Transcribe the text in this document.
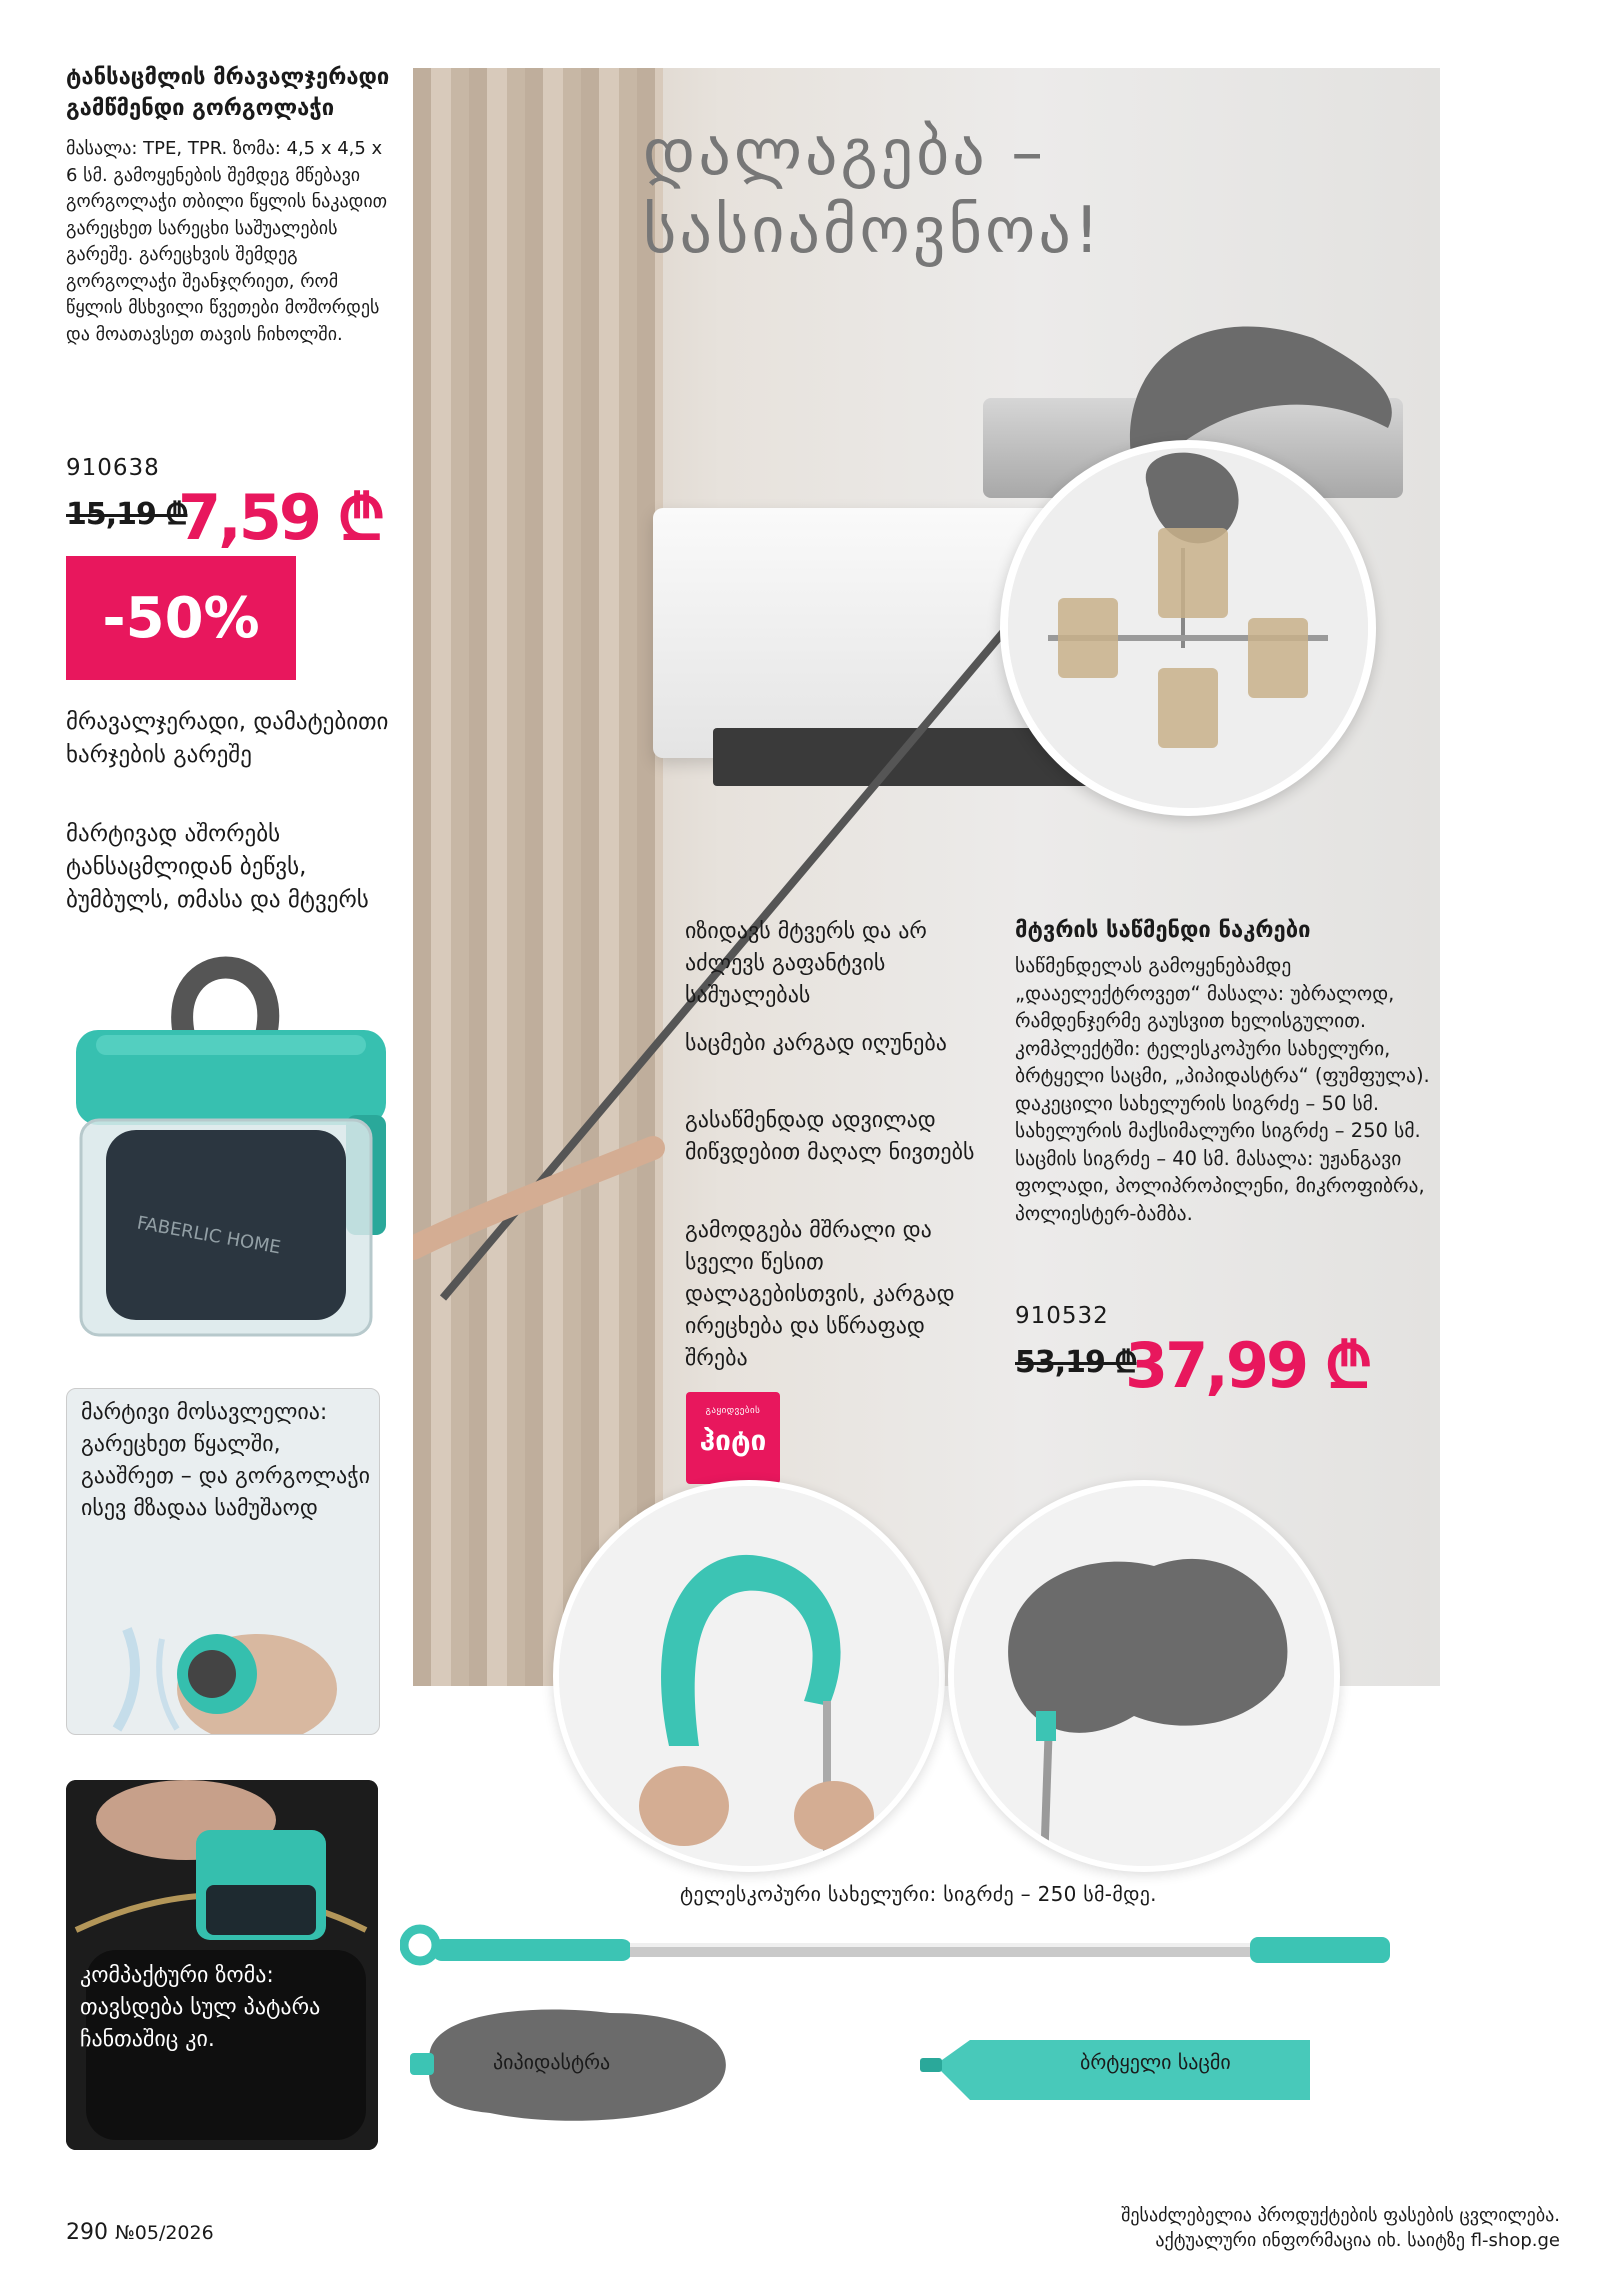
ტანსაცმლის მრავალჯერადი გამწმენდი გორგოლაჭი
მასალა: TPE, TPR. ზომა: 4,5 x 4,5 x 6 სმ. გამოყენების შემდეგ მწებავი გორგოლაჭი თბილი წყლის ნაკადით გარეცხეთ სარეცხი საშუალების გარეშე. გარეცხვის შემდეგ გორგოლაჭი შეანჯღრიეთ, რომ წყლის მსხვილი წვეთები მოშორდეს და მოათავსეთ თავის ჩიხოლში.
910638
15,19 ₾
7,59 ₾
-50%
მრავალჯერადი, დამატებითი ხარჯების გარეშე
მარტივად აშორებს ტანსაცმლიდან ბეწვს, ბუმბულს, თმასა და მტვერს
FABERLIC HOME
მარტივი მოსავლელია: გარეცხეთ წყალში, გააშრეთ – და გორგოლაჭი ისევ მზადაა სამუშაოდ
კომპაქტური ზომა: თავსდება სულ პატარა ჩანთაშიც კი.
დალაგება –
სასიამოვნოა!
იზიდავს მტვერს და არ აძლევს გაფანტვის საშუალებას
საცმები კარგად იღუნება
გასაწმენდად ადვილად მიწვდებით მაღალ ნივთებს
გამოდგება მშრალი და სველი წესით დალაგებისთვის, კარგად ირეცხება და სწრაფად შრება
გაყიდვების
ჰიტი
მტვრის საწმენდი ნაკრები
საწმენდელას გამოყენებამდე „დააელექტროვეთ“ მასალა: უბრალოდ, რამდენჯერმე გაუსვით ხელისგულით. კომპლექტში: ტელესკოპური სახელური, ბრტყელი საცმი, „პიპიდასტრა“ (ფუმფულა). დაკეცილი სახელურის სიგრძე – 50 სმ. სახელურის მაქსიმალური სიგრძე – 250 სმ. საცმის სიგრძე – 40 სმ. მასალა: უჟანგავი ფოლადი, პოლიპროპილენი, მიკროფიბრა, პოლიესტერ-ბამბა.
910532
53,19 ₾
37,99 ₾
ტელესკოპური სახელური: სიგრძე – 250 სმ-მდე.
პიპიდასტრა	ბრტყელი საცმი
290 №05/2026
შესაძლებელია პროდუქტების ფასების ცვლილება.
აქტუალური ინფორმაცია იხ. საიტზე fl-shop.ge
